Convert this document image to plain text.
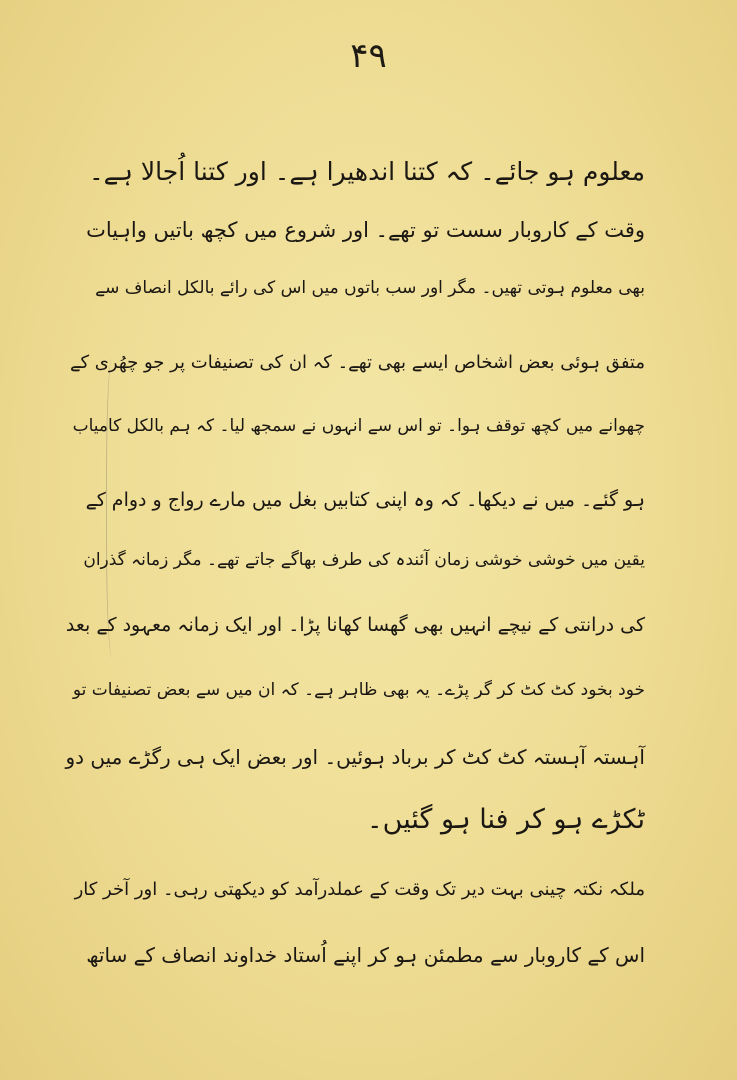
۴۹
معلوم ہو جائے۔ کہ کتنا اندھیرا ہے۔ اور کتنا اُجالا ہے۔
وقت کے کاروبار سست تو تھے۔ اور شروع میں کچھ باتیں واہیات
بھی معلوم ہوتی تھیں۔ مگر اور سب باتوں میں اس کی رائے بالکل انصاف سے
متفق ہوئی بعض اشخاص ایسے بھی تھے۔ کہ ان کی تصنیفات پر جو چھُری کے
چھوانے میں کچھ توقف ہوا۔ تو اس سے انہوں نے سمجھ لیا۔ کہ ہم بالکل کامیاب
ہو گئے۔ میں نے دیکھا۔ کہ وہ اپنی کتابیں بغل میں مارے رواج و دوام کے
یقین میں خوشی خوشی زمان آئندہ کی طرف بھاگے جاتے تھے۔ مگر زمانہ گذران
کی درانتی کے نیچے انہیں بھی گھسا کھانا پڑا۔ اور ایک زمانہ معہود کے بعد
خود بخود کٹ کٹ کر گر پڑے۔ یہ بھی ظاہر ہے۔ کہ ان میں سے بعض تصنیفات تو
آہستہ آہستہ کٹ کٹ کر برباد ہوئیں۔ اور بعض ایک ہی رگڑے میں دو
ٹکڑے ہو کر فنا ہو گئیں۔
ملکہ نکتہ چینی بہت دیر تک وقت کے عملدرآمد کو دیکھتی رہی۔ اور آخر کار
اس کے کاروبار سے مطمئن ہو کر اپنے اُستاد خداوند انصاف کے ساتھ
